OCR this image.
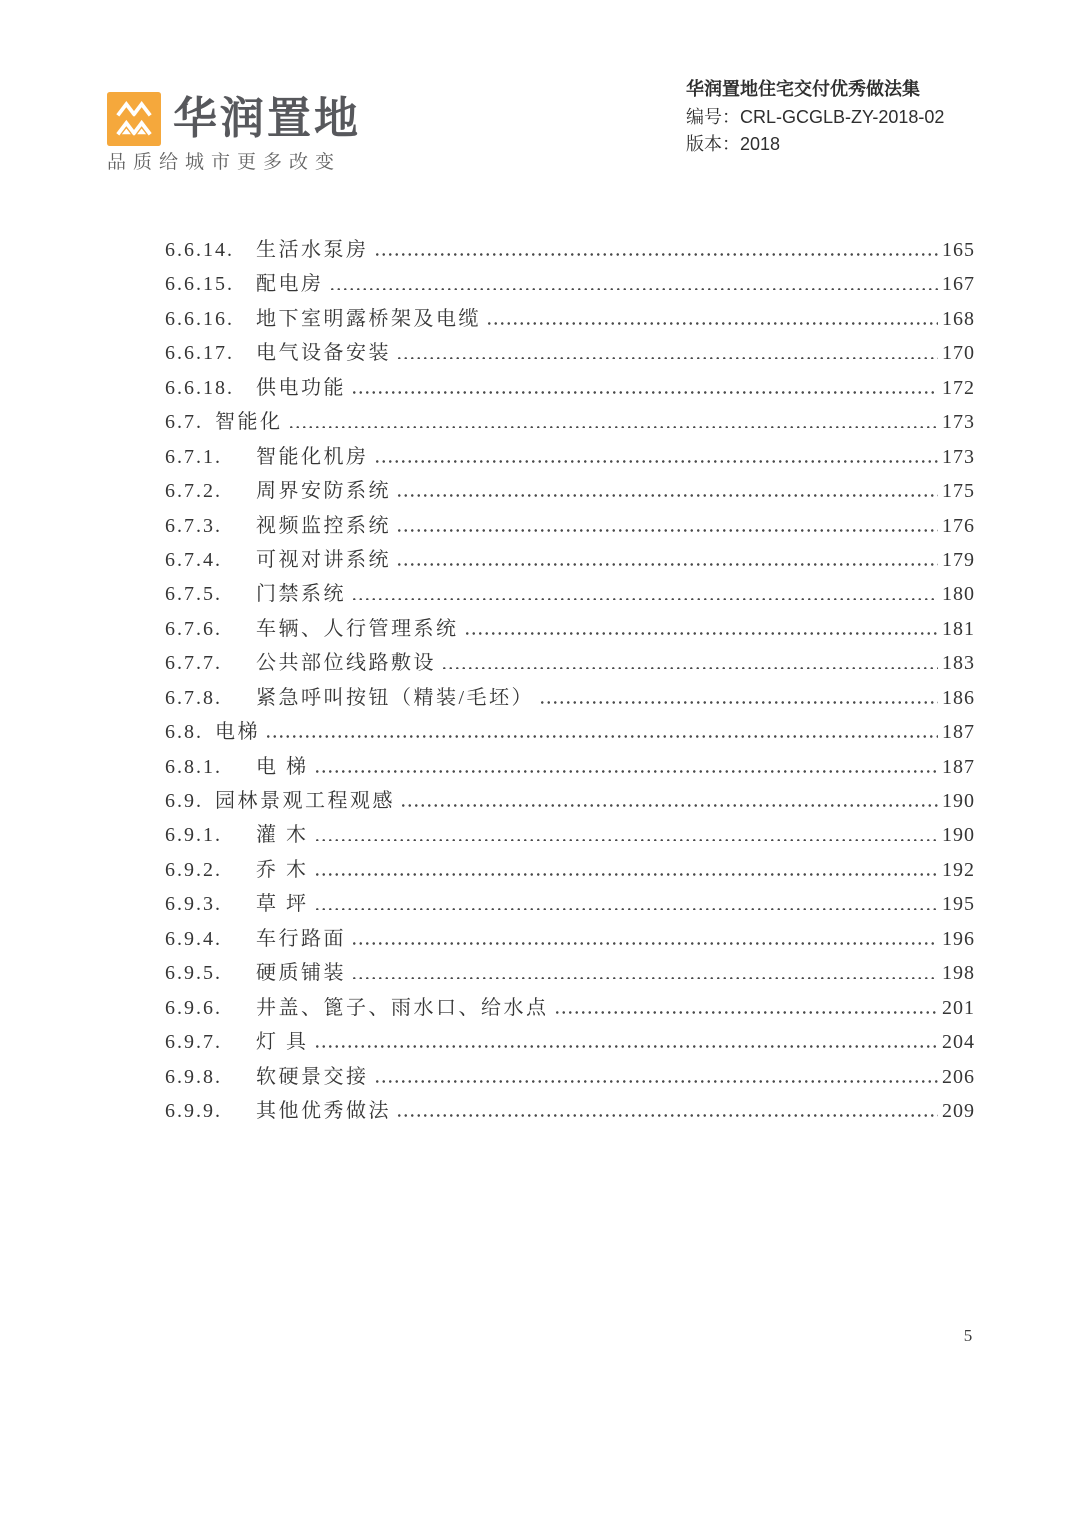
华润置地
品质给城市更多改变
华润置地住宅交付优秀做法集
编号：CRL-GCGLB-ZY-2018-02
版本：2018
6.6.14.	生活水泵房	165
6.6.15.	配电房	167
6.6.16.	地下室明露桥架及电缆	168
6.6.17.	电气设备安装	170
6.6.18.	供电功能	172
6.7. 智能化	173
6.7.1.	智能化机房	173
6.7.2.	周界安防系统	175
6.7.3.	视频监控系统	176
6.7.4.	可视对讲系统	179
6.7.5.	门禁系统	180
6.7.6.	车辆、人行管理系统	181
6.7.7.	公共部位线路敷设	183
6.7.8.	紧急呼叫按钮（精装/毛坯）	186
6.8. 电梯	187
6.8.1.	电 梯	187
6.9. 园林景观工程观感	190
6.9.1.	灌 木	190
6.9.2.	乔 木	192
6.9.3.	草 坪	195
6.9.4.	车行路面	196
6.9.5.	硬质铺装	198
6.9.6.	井盖、篦子、雨水口、给水点	201
6.9.7.	灯 具	204
6.9.8.	软硬景交接	206
6.9.9.	其他优秀做法	209
5
